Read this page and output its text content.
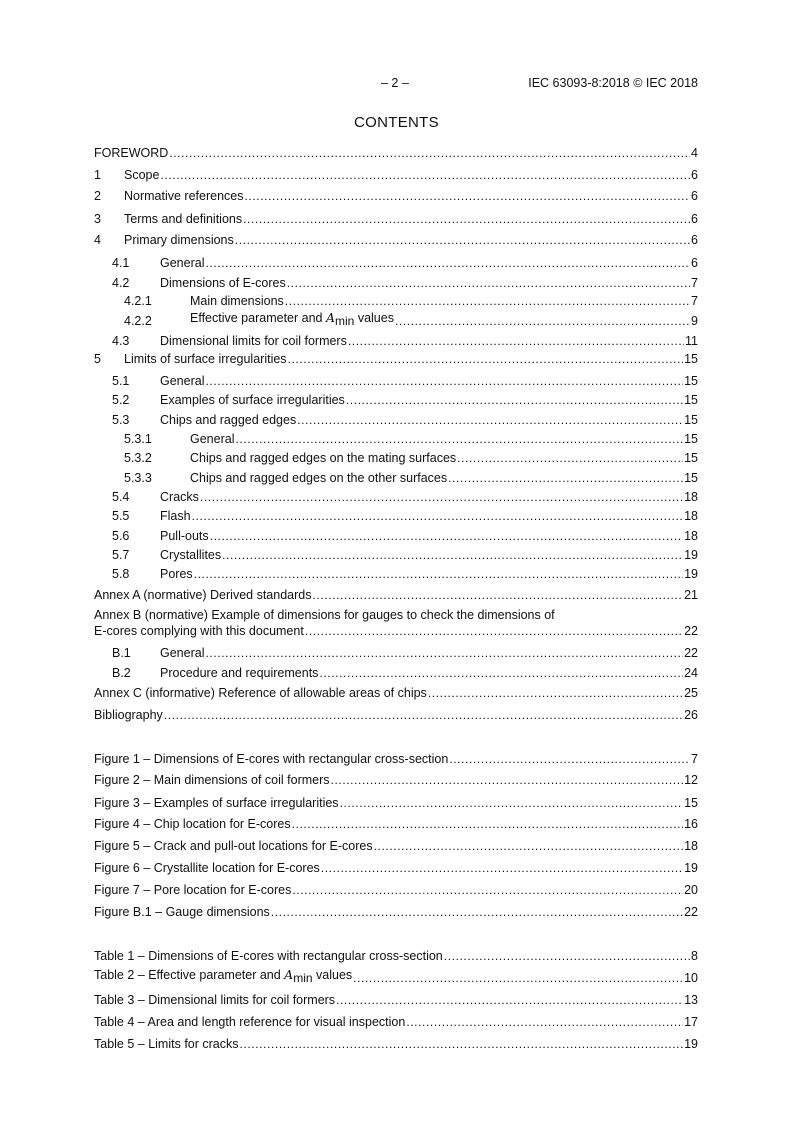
– 2 –	IEC 63093-8:2018 © IEC 2018
CONTENTS
FOREWORD .....	4
1	Scope .....	6
2	Normative references .....	6
3	Terms and definitions .....	6
4	Primary dimensions .....	6
4.1	General .....	6
4.2	Dimensions of E-cores .....	7
4.2.1	Main dimensions .....	7
4.2.2	Effective parameter and $A_{min}$ values .....	9
4.3	Dimensional limits for coil formers .....	11
5	Limits of surface irregularities .....	15
5.1	General .....	15
5.2	Examples of surface irregularities .....	15
5.3	Chips and ragged edges .....	15
5.3.1	General .....	15
5.3.2	Chips and ragged edges on the mating surfaces .....	15
5.3.3	Chips and ragged edges on the other surfaces .....	15
5.4	Cracks .....	18
5.5	Flash .....	18
5.6	Pull-outs .....	18
5.7	Crystallites .....	19
5.8	Pores .....	19
Annex A (normative) Derived standards .....	21
Annex B (normative) Example of dimensions for gauges to check the dimensions of
E-cores complying with this document .....	22
B.1	General .....	22
B.2	Procedure and requirements .....	24
Annex C (informative) Reference of allowable areas of chips .....	25
Bibliography .....	26
Figure 1 – Dimensions of E-cores with rectangular cross-section .....	7
Figure 2 – Main dimensions of coil formers .....	12
Figure 3 – Examples of surface irregularities .....	15
Figure 4 – Chip location for E-cores .....	16
Figure 5 – Crack and pull-out locations for E-cores .....	18
Figure 6 – Crystallite location for E-cores .....	19
Figure 7 – Pore location for E-cores .....	20
Figure B.1 – Gauge dimensions .....	22
Table 1 – Dimensions of E-cores with rectangular cross-section .....	8
Table 2 – Effective parameter and $A_{min}$ values .....	10
Table 3 – Dimensional limits for coil formers .....	13
Table 4 – Area and length reference for visual inspection .....	17
Table 5 – Limits for cracks .....	19
